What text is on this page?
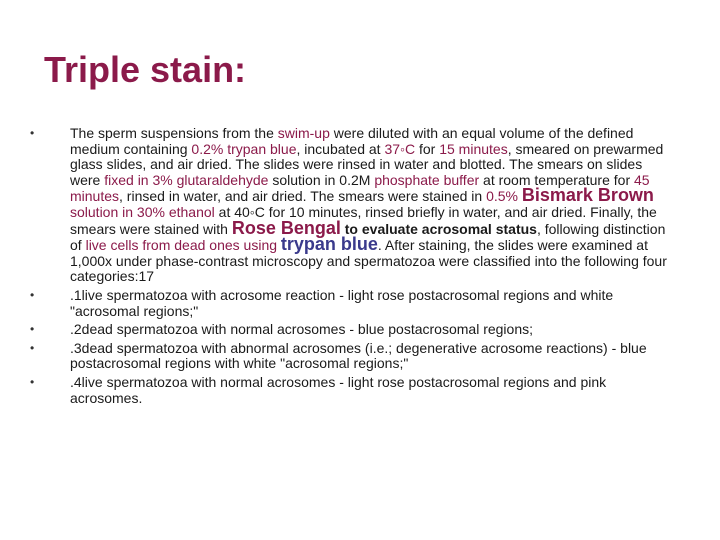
Triple stain:
•	The sperm suspensions from the swim-up were diluted with an equal volume of the defined medium containing 0.2% trypan blue, incubated at 37◦C for 15 minutes, smeared on prewarmed glass slides, and air dried. The slides were rinsed in water and blotted. The smears on slides were fixed in 3% glutaraldehyde solution in 0.2M phosphate buffer at room temperature for 45 minutes, rinsed in water, and air dried. The smears were stained in 0.5% Bismark Brown solution in 30% ethanol at 40◦C for 10 minutes, rinsed briefly in water, and air dried. Finally, the smears were stained with Rose Bengal to evaluate acrosomal status, following distinction of live cells from dead ones using trypan blue. After staining, the slides were examined at 1,000x under phase-contrast microscopy and spermatozoa were classified into the following four categories:17
•	.1live spermatozoa with acrosome reaction - light rose postacrosomal regions and white "acrosomal regions;"
•	.2dead spermatozoa with normal acrosomes - blue postacrosomal regions;
•	.3dead spermatozoa with abnormal acrosomes (i.e.; degenerative acrosome reactions) - blue postacrosomal regions with white "acrosomal regions;"
•	.4live spermatozoa with normal acrosomes - light rose postacrosomal regions and pink acrosomes.
